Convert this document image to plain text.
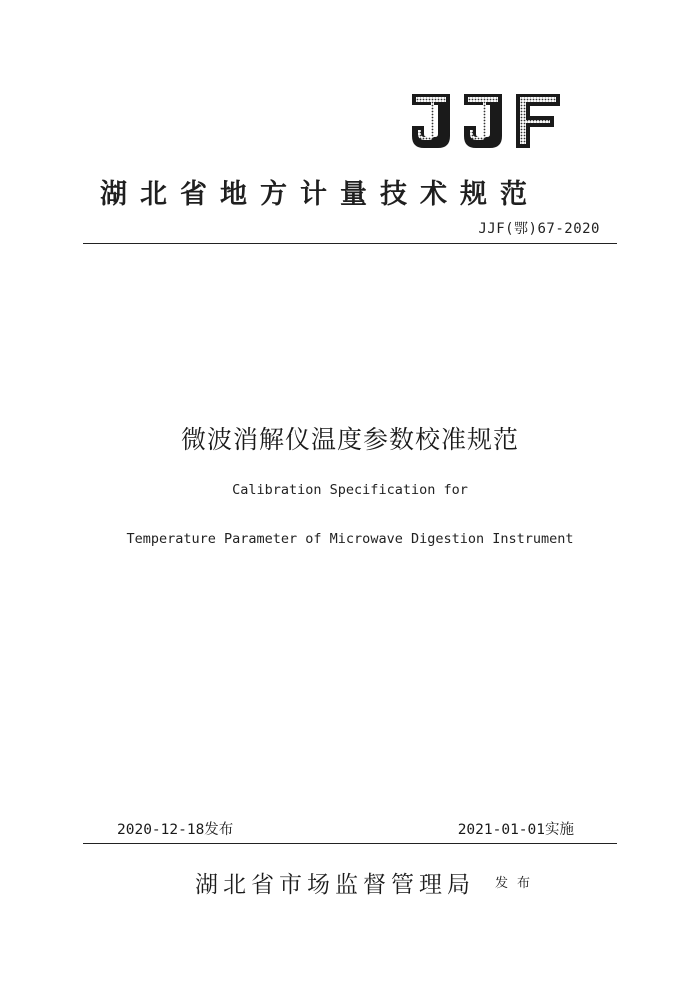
湖北省地方计量技术规范
JJF(鄂)67-2020
微波消解仪温度参数校准规范
Calibration Specification for
Temperature Parameter of Microwave Digestion Instrument
2020-12-18发布	2021-01-01实施
湖北省市场监督管理局 发布
